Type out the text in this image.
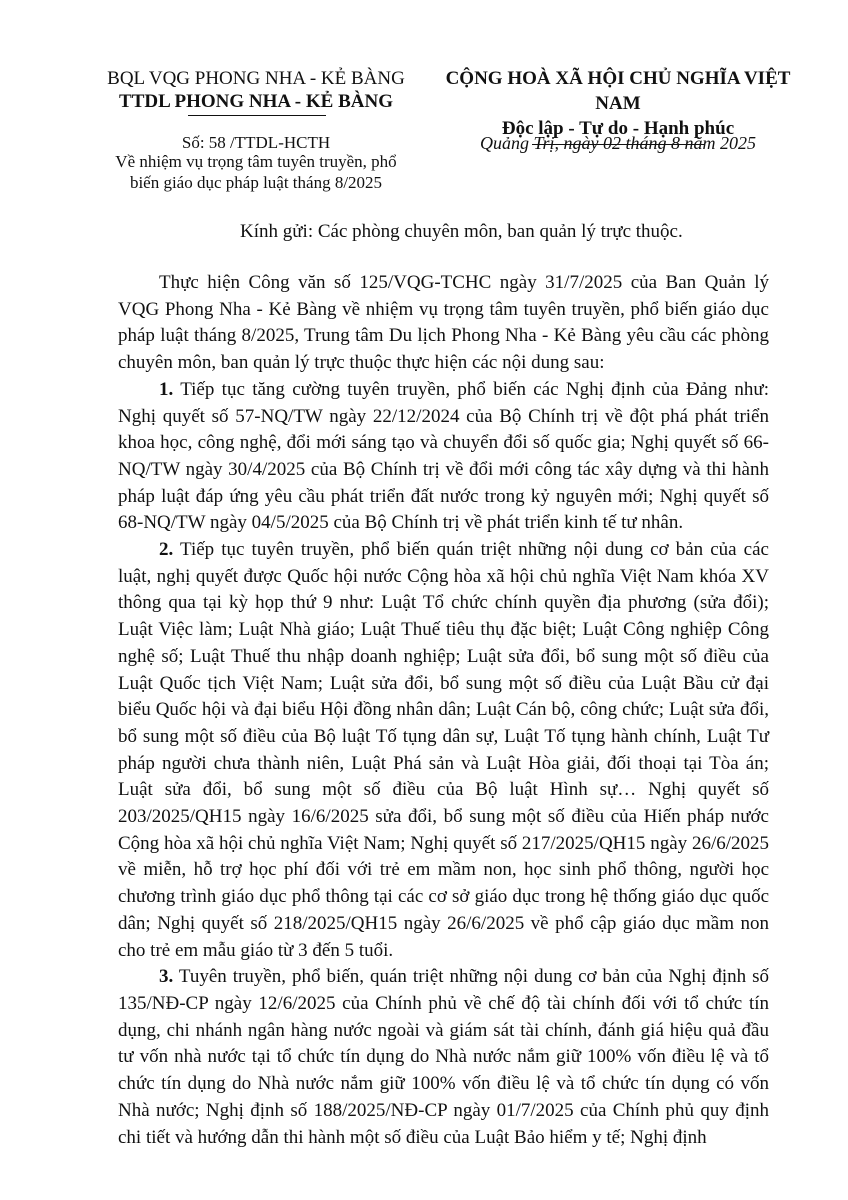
BQL VQG PHONG NHA - KẺ BÀNG
TTDL PHONG NHA - KẺ BÀNG
CỘNG HOÀ XÃ HỘI CHỦ NGHĨA VIỆT NAM
Độc lập - Tự do - Hạnh phúc
Số: 58 /TTDL-HCTH
Về nhiệm vụ trọng tâm tuyên truyền, phổ
biến giáo dục pháp luật tháng 8/2025
Quảng Trị, ngày 02 tháng 8 năm 2025
Kính gửi: Các phòng chuyên môn, ban quản lý trực thuộc.

Thực hiện Công văn số 125/VQG-TCHC ngày 31/7/2025 của Ban Quản lý VQG Phong Nha - Kẻ Bàng về nhiệm vụ trọng tâm tuyên truyền, phổ biến giáo dục pháp luật tháng 8/2025, Trung tâm Du lịch Phong Nha - Kẻ Bàng yêu cầu các phòng chuyên môn, ban quản lý trực thuộc thực hiện các nội dung sau:

1. Tiếp tục tăng cường tuyên truyền, phổ biến các Nghị định của Đảng như: Nghị quyết số 57-NQ/TW ngày 22/12/2024 của Bộ Chính trị về đột phá phát triển khoa học, công nghệ, đổi mới sáng tạo và chuyển đổi số quốc gia; Nghị quyết số 66-NQ/TW ngày 30/4/2025 của Bộ Chính trị về đổi mới công tác xây dựng và thi hành pháp luật đáp ứng yêu cầu phát triển đất nước trong kỷ nguyên mới; Nghị quyết số 68-NQ/TW ngày 04/5/2025 của Bộ Chính trị về phát triển kinh tế tư nhân.

2. Tiếp tục tuyên truyền, phổ biến quán triệt những nội dung cơ bản của các luật, nghị quyết được Quốc hội nước Cộng hòa xã hội chủ nghĩa Việt Nam khóa XV thông qua tại kỳ họp thứ 9 như: Luật Tổ chức chính quyền địa phương (sửa đổi); Luật Việc làm; Luật Nhà giáo; Luật Thuế tiêu thụ đặc biệt; Luật Công nghiệp Công nghệ số; Luật Thuế thu nhập doanh nghiệp; Luật sửa đổi, bổ sung một số điều của Luật Quốc tịch Việt Nam; Luật sửa đổi, bổ sung một số điều của Luật Bầu cử đại biểu Quốc hội và đại biểu Hội đồng nhân dân; Luật Cán bộ, công chức; Luật sửa đổi, bổ sung một số điều của Bộ luật Tố tụng dân sự, Luật Tố tụng hành chính, Luật Tư pháp người chưa thành niên, Luật Phá sản và Luật Hòa giải, đối thoại tại Tòa án; Luật sửa đổi, bổ sung một số điều của Bộ luật Hình sự… Nghị quyết số 203/2025/QH15 ngày 16/6/2025 sửa đổi, bổ sung một số điều của Hiến pháp nước Cộng hòa xã hội chủ nghĩa Việt Nam; Nghị quyết số 217/2025/QH15 ngày 26/6/2025 về miễn, hỗ trợ học phí đối với trẻ em mầm non, học sinh phổ thông, người học chương trình giáo dục phổ thông tại các cơ sở giáo dục trong hệ thống giáo dục quốc dân; Nghị quyết số 218/2025/QH15 ngày 26/6/2025 về phổ cập giáo dục mầm non cho trẻ em mẫu giáo từ 3 đến 5 tuổi.

3. Tuyên truyền, phổ biến, quán triệt những nội dung cơ bản của Nghị định số 135/NĐ-CP ngày 12/6/2025 của Chính phủ về chế độ tài chính đối với tổ chức tín dụng, chi nhánh ngân hàng nước ngoài và giám sát tài chính, đánh giá hiệu quả đầu tư vốn nhà nước tại tổ chức tín dụng do Nhà nước nắm giữ 100% vốn điều lệ và tổ chức tín dụng do Nhà nước nắm giữ 100% vốn điều lệ và tổ chức tín dụng có vốn Nhà nước; Nghị định số 188/2025/NĐ-CP ngày 01/7/2025 của Chính phủ quy định chi tiết và hướng dẫn thi hành một số điều của Luật Bảo hiểm y tế; Nghị định
